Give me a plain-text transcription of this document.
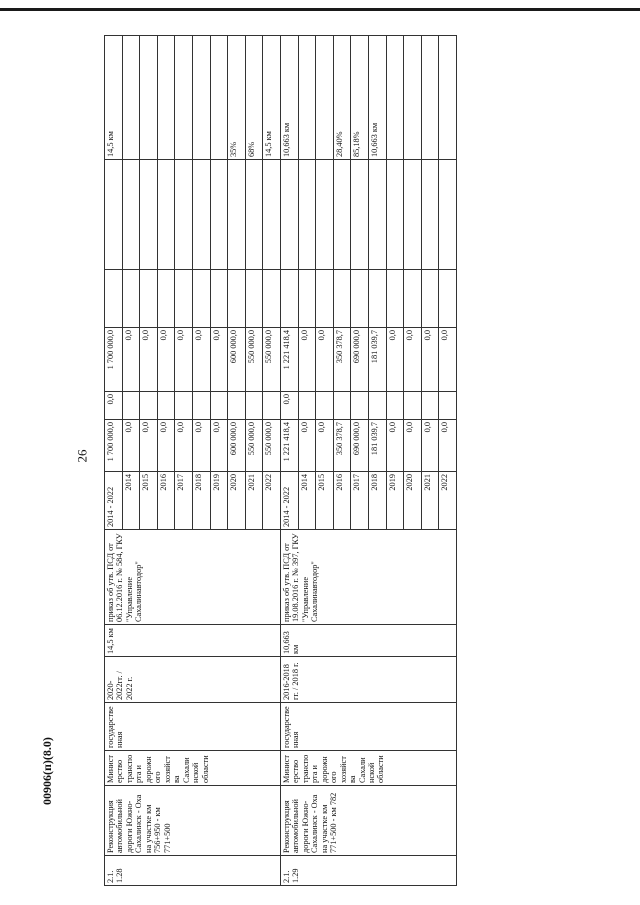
26
00906(п)(8.0)
2.1.
1.28	Реконструкция автомобильной дороги Южно-Сахалинск - Оха на участке км 756+950 - км 771+500	Министерство транспорта и дорожного хозяйства Сахалинской области	государственная	2020-2022гг. / 2022 г.	14,5 км	приказ об утв. ПСД от 06.12.2016 г. № 584, ГКУ "Управление Сахалинавтодор"	2014 - 2022	1 700 000,0	0,0	1 700 000,0			14,5 км
							2014	0,0		0,0			
							2015	0,0		0,0			
							2016	0,0		0,0			
							2017	0,0		0,0			
							2018	0,0		0,0			
							2019	0,0		0,0			
							2020	600 000,0		600 000,0			35%
							2021	550 000,0		550 000,0			68%
							2022	550 000,0		550 000,0			14,5 км
2.1.
1.29	Реконструкция автомобильной дороги Южно-Сахалинск - Оха на участке км 771+500 - км 782	Министерство транспорта и дорожного хозяйства Сахалинской области	государственная	2016-2018 гг. / 2018 г.	10,663 км	приказ об утв. ПСД от 19.08.2016 г. № 397, ГКУ "Управление Сахалинавтодор"	2014 - 2022	1 221 418,4	0,0	1 221 418,4			10,663 км
							2014	0,0		0,0			
							2015	0,0		0,0			
							2016	350 378,7		350 378,7			28,40%
							2017	690 000,0		690 000,0			85,18%
							2018	181 039,7		181 039,7			10,663 км
							2019	0,0		0,0			
							2020	0,0		0,0			
							2021	0,0		0,0			
							2022	0,0		0,0			
